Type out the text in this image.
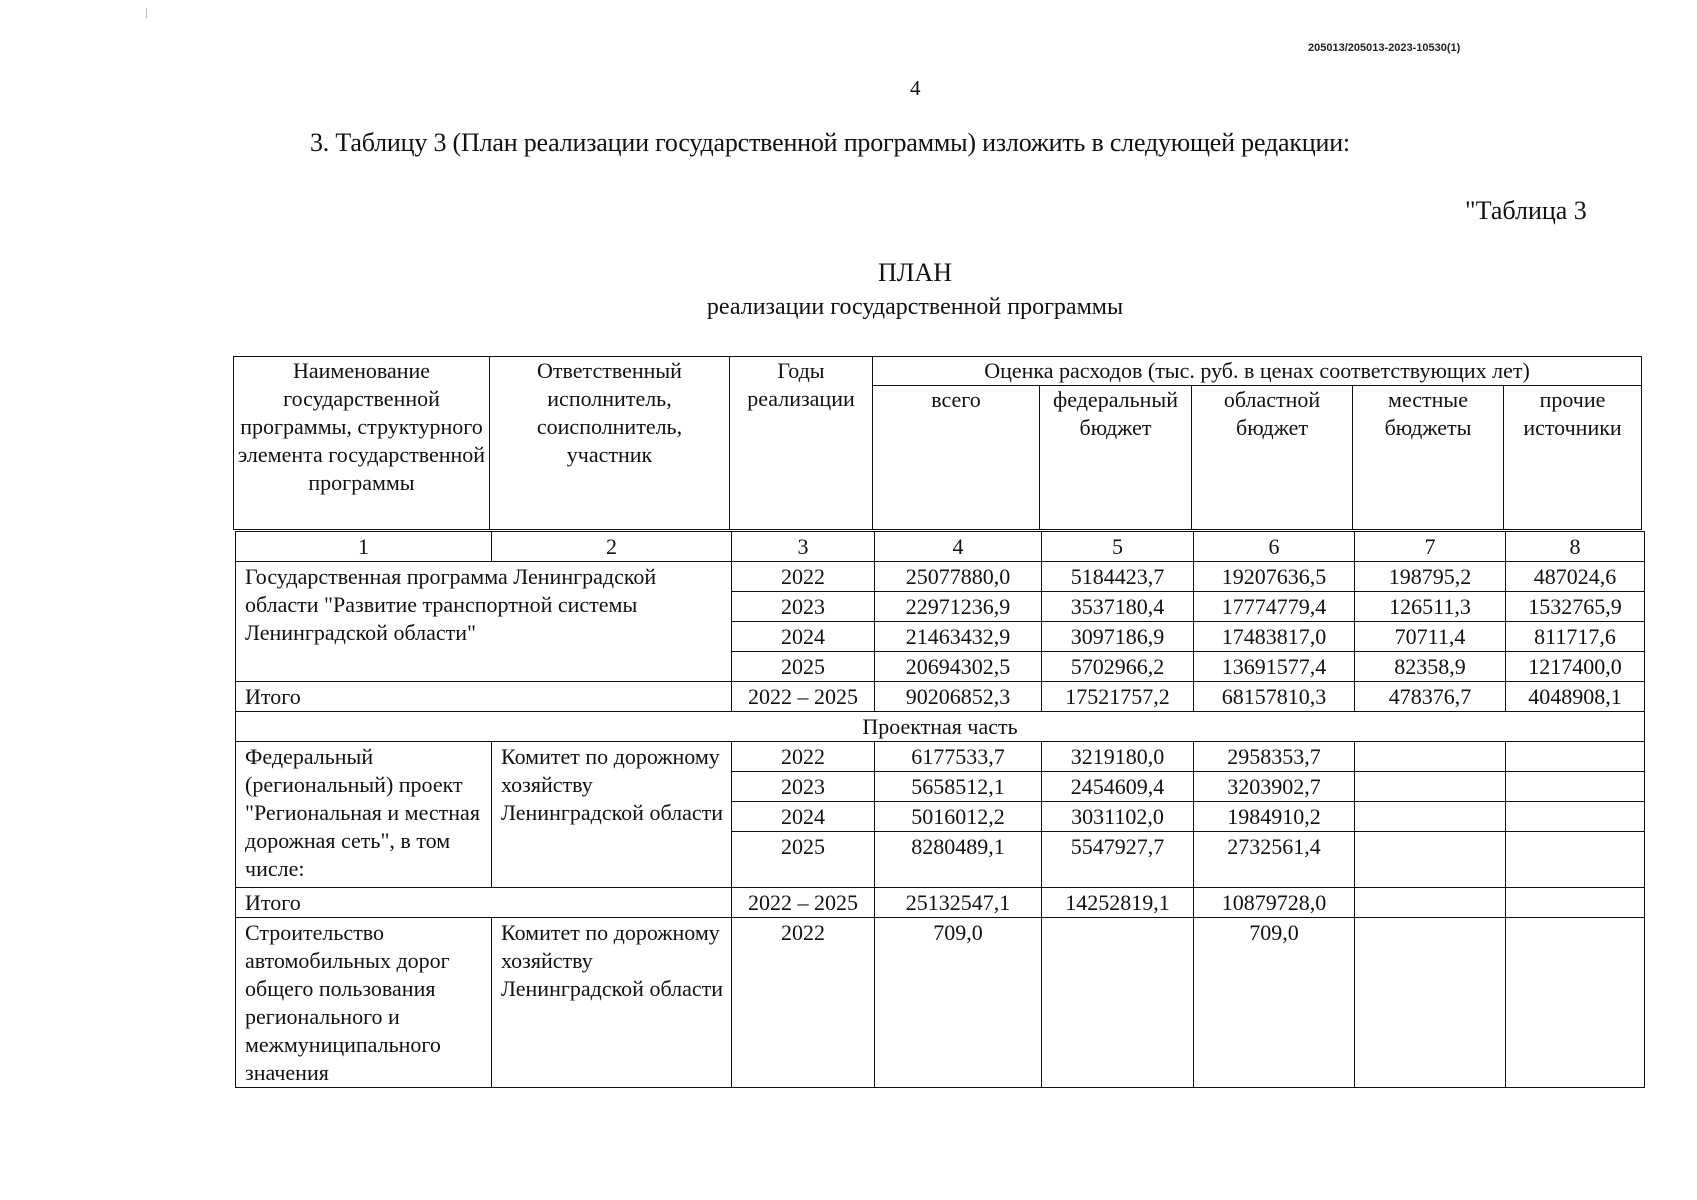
205013/205013-2023-10530(1)
4
3. Таблицу 3 (План реализации государственной программы) изложить в следующей редакции:
"Таблица 3
ПЛАН
реализации государственной программы
Наименование государственной программы, структурного элемента государственной программы	Ответственный исполнитель, соисполнитель, участник	Годы реализации	Оценка расходов (тыс. руб. в ценах соответствующих лет)				
			всего	федеральный бюджет	областной бюджет	местные бюджеты	прочие источники
1	2	3	4	5	6	7	8
Государственная программа Ленинградской области "Развитие транспортной системы Ленинградской области"		2022	25077880,0	5184423,7	19207636,5	198795,2	487024,6
		2023	22971236,9	3537180,4	17774779,4	126511,3	1532765,9
		2024	21463432,9	3097186,9	17483817,0	70711,4	811717,6
		2025	20694302,5	5702966,2	13691577,4	82358,9	1217400,0
Итого		2022 – 2025	90206852,3	17521757,2	68157810,3	478376,7	4048908,1
Проектная часть							
Федеральный (региональный) проект "Региональная и местная дорожная сеть", в том числе:	Комитет по дорожному хозяйству Ленинградской области	2022	6177533,7	3219180,0	2958353,7		
		2023	5658512,1	2454609,4	3203902,7		
		2024	5016012,2	3031102,0	1984910,2		
		2025	8280489,1	5547927,7	2732561,4		
Итого		2022 – 2025	25132547,1	14252819,1	10879728,0		
Строительство автомобильных дорог общего пользования регионального и межмуниципального значения	Комитет по дорожному хозяйству Ленинградской области	2022	709,0		709,0		
